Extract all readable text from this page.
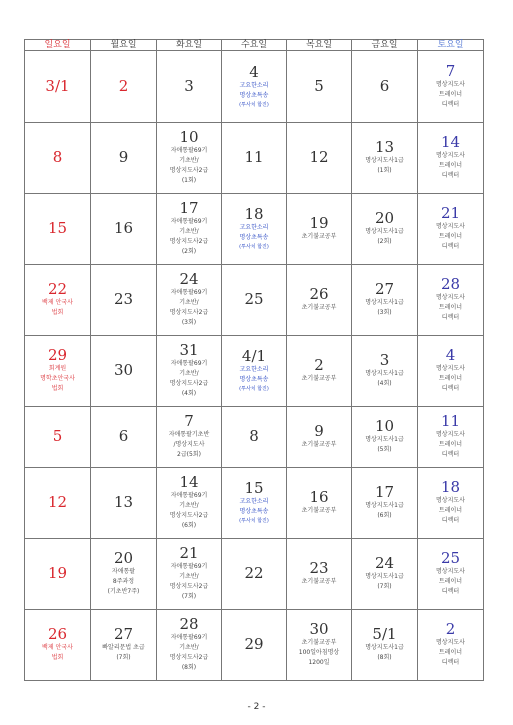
일요일	월요일	화요일	수요일	목요일	금요일	토요일

3/1	2	3	4
고요한소리
명상초특송
(투사치 합진)	5	6	7
명상지도사
트레이너
디렉터

8	9	10
자애통팔69기
기초반/
명상지도사2급
(1회)	11	12	13
명상지도사1급
(1회)	14
명상지도사
트레이너
디렉터

15	16	17
자애통팔69기
기초반/
명상지도사2급
(2회)	18
고요한소리
명상초특송
(투사치 합진)	19
초기불교공부	20
명상지도사1급
(2회)	21
명상지도사
트레이너
디렉터

22
백제 안국사
법회	23	24
자애통팔69기
기초반/
명상지도사2급
(3회)	25	26
초기불교공부	27
명상지도사1급
(3회)	28
명상지도사
트레이너
디렉터

29
회계원
명학초안국사
법회	30	31
자애통팔69기
기초반/
명상지도사2급
(4회)	4/1
고요한소리
명상초특송
(투사치 합진)	2
초기불교공부	3
명상지도사1급
(4회)	4
명상지도사
트레이너
디렉터

5	6	7
자애통팔기초반
/명상지도사
2급(5회)	8	9
초기불교공부	10
명상지도사1급
(5회)	11
명상지도사
트레이너
디렉터

12	13	14
자애통팔69기
기초반/
명상지도사2급
(6회)	15
고요한소리
명상초특송
(투사치 합진)	16
초기불교공부	17
명상지도사1급
(6회)	18
명상지도사
트레이너
디렉터

19	20
자애통팔
8주과정
(기초반7주)	21
자애통팔69기
기초반/
명상지도사2급
(7회)	22	23
초기불교공부	24
명상지도사1급
(7회)	25
명상지도사
트레이너
디렉터

26
백제 안국사
법회	27
빠알리문법 초급
(7회)	28
자애통팔69기
기초반/
명상지도사2급
(8회)	29	30
초기불교공부
100일아침명상
1200일	5/1
명상지도사1급
(8회)	2
명상지도사
트레이너
디렉터
- 2 -
